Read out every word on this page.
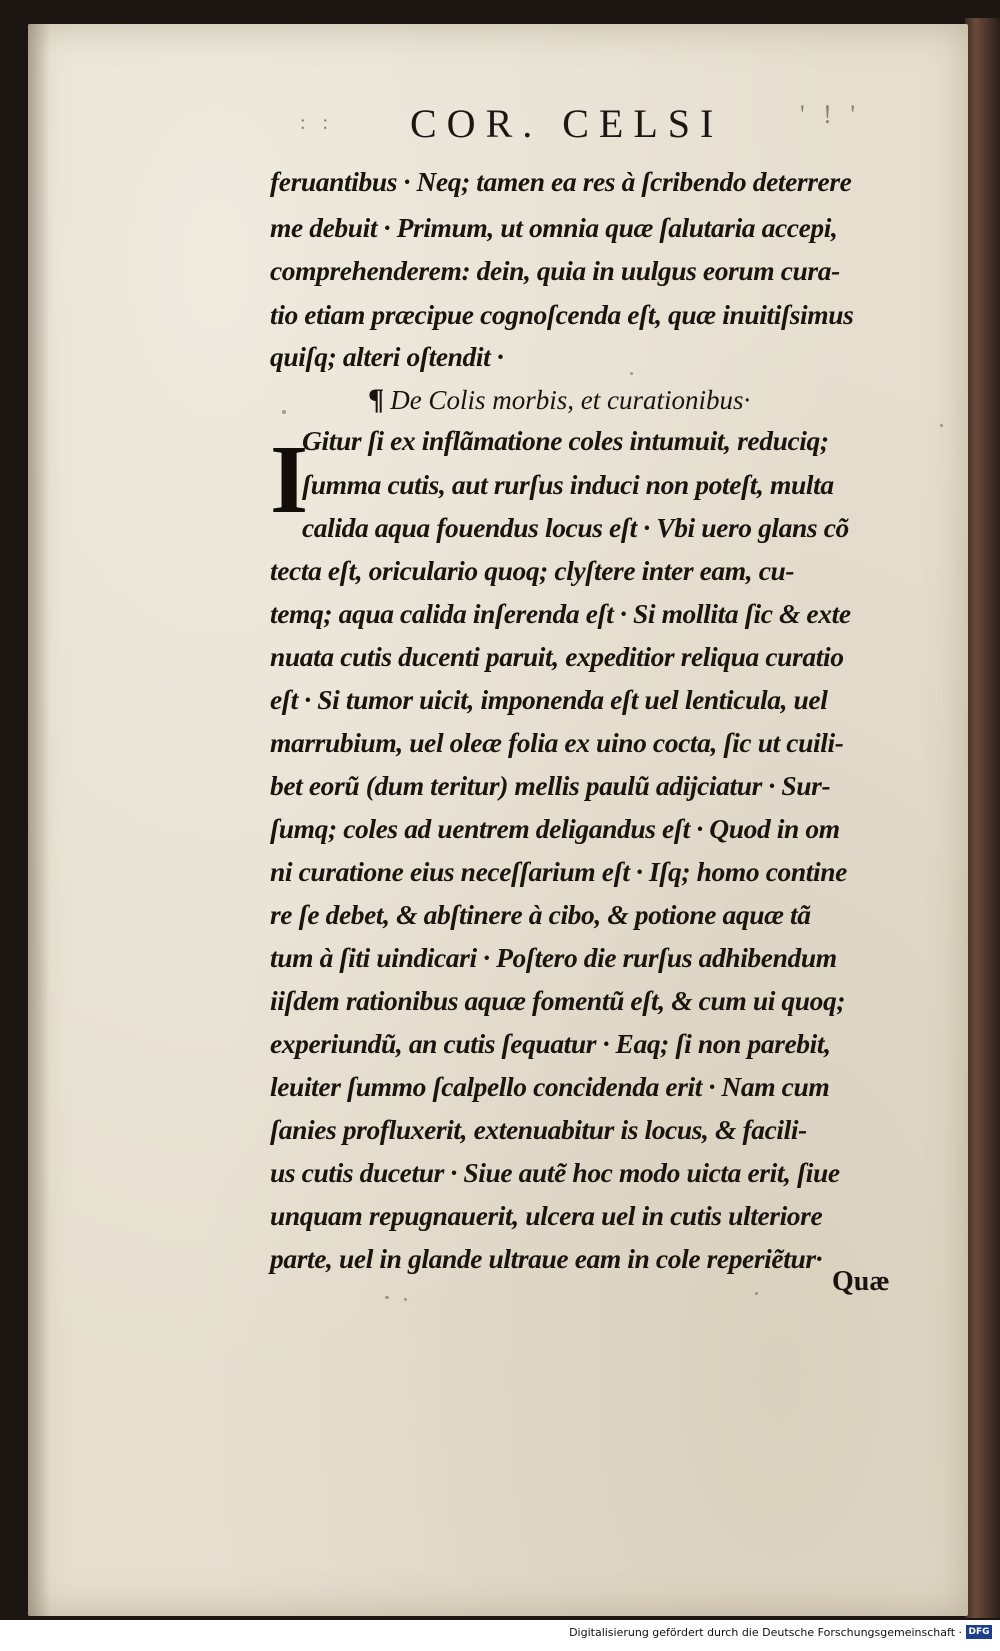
: : COR. CELSI	' ! '
feruantibus · Neq; tamen ea res à ſcribendo deterrere
me debuit · Primum, ut omnia quæ ſalutaria accepi,
comprehenderem: dein, quia in uulgus eorum cura-
tio etiam præcipue cognoſcenda eſt, quæ inuitiſsimus
quiſq; alteri oſtendit ·
¶ De Colis morbis, et curationibus·
I
Gitur ſi ex inflãmatione coles intumuit, reduciq;
ſumma cutis, aut rurſus induci non poteſt, multa
calida aqua fouendus locus eſt · Vbi uero glans cõ
tecta eſt, oriculario quoq; clyſtere inter eam, cu-
temq; aqua calida inſerenda eſt · Si mollita ſic & exte
nuata cutis ducenti paruit, expeditior reliqua curatio
eſt · Si tumor uicit, imponenda eſt uel lenticula, uel
marrubium, uel oleæ folia ex uino cocta, ſic ut cuili-
bet eorũ (dum teritur) mellis paulũ adijciatur · Sur-
ſumq; coles ad uentrem deligandus eſt · Quod in om
ni curatione eius neceſſarium eſt · Iſq; homo contine
re ſe debet, & abſtinere à cibo, & potione aquæ tã
tum à ſiti uindicari · Poſtero die rurſus adhibendum
iiſdem rationibus aquæ fomentũ eſt, & cum ui quoq;
experiundũ, an cutis ſequatur · Eaq; ſi non parebit,
leuiter ſummo ſcalpello concidenda erit · Nam cum
ſanies profluxerit, extenuabitur is locus, & facili-
us cutis ducetur · Siue autẽ hoc modo uicta erit, ſiue
unquam repugnauerit, ulcera uel in cutis ulteriore
parte, uel in glande ultraue eam in cole reperiẽtur·
Quæ
Digitalisierung gefördert durch die Deutsche Forschungsgemeinschaft · DFG
